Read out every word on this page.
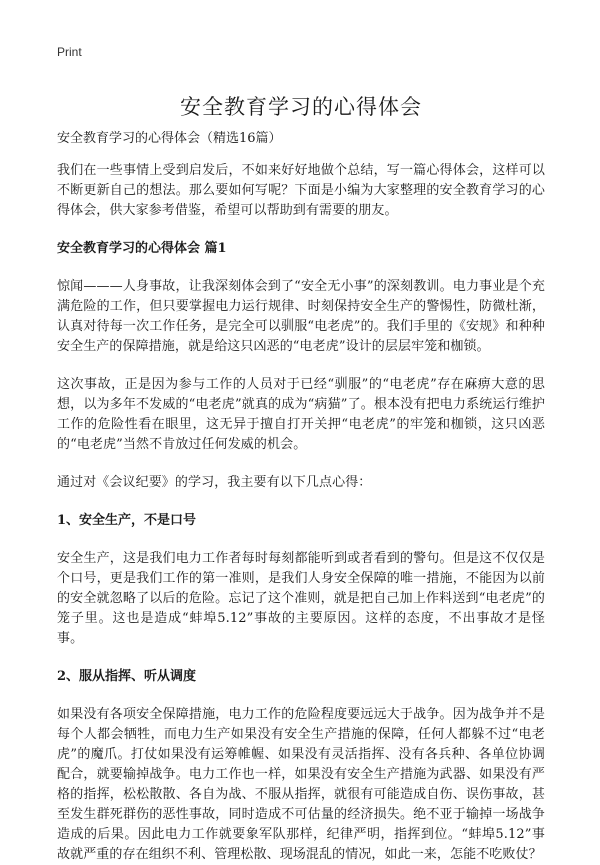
Print
安全教育学习的心得体会
安全教育学习的心得体会（精选16篇）

我们在一些事情上受到启发后，不如来好好地做个总结，写一篇心得体会，这样可以不断更新自己的想法。那么要如何写呢？下面是小编为大家整理的安全教育学习的心得体会，供大家参考借鉴，希望可以帮助到有需要的朋友。

安全教育学习的心得体会 篇1

惊闻———人身事故，让我深刻体会到了“安全无小事”的深刻教训。电力事业是个充满危险的工作，但只要掌握电力运行规律、时刻保持安全生产的警惕性，防微杜渐，认真对待每一次工作任务，是完全可以驯服“电老虎”的。我们手里的《安规》和种种安全生产的保障措施，就是给这只凶恶的“电老虎”设计的层层牢笼和枷锁。

这次事故，正是因为参与工作的人员对于已经“驯服”的“电老虎”存在麻痹大意的思想，以为多年不发威的“电老虎”就真的成为“病猫”了。根本没有把电力系统运行维护工作的危险性看在眼里，这无异于擅自打开关押“电老虎”的牢笼和枷锁，这只凶恶的“电老虎”当然不肯放过任何发威的机会。

通过对《会议纪要》的学习，我主要有以下几点心得：

1、安全生产，不是口号

安全生产，这是我们电力工作者每时每刻都能听到或者看到的警句。但是这不仅仅是个口号，更是我们工作的第一准则，是我们人身安全保障的唯一措施，不能因为以前的安全就忽略了以后的危险。忘记了这个准则，就是把自己加上作料送到“电老虎”的笼子里。这也是造成“蚌埠5.12”事故的主要原因。这样的态度，不出事故才是怪事。

2、服从指挥、听从调度

如果没有各项安全保障措施，电力工作的危险程度要远远大于战争。因为战争并不是每个人都会牺牲，而电力生产如果没有安全生产措施的保障，任何人都躲不过“电老虎”的魔爪。打仗如果没有运筹帷幄、如果没有灵活指挥、没有各兵种、各单位协调配合，就要输掉战争。电力工作也一样，如果没有安全生产措施为武器、如果没有严格的指挥，松松散散、各自为战、不服从指挥，就很有可能造成自伤、误伤事故，甚至发生群死群伤的恶性事故，同时造成不可估量的经济损失。绝不亚于输掉一场战争造成的后果。因此电力工作就要象军队那样，纪律严明，指挥到位。“蚌埠5.12”事故就严重的存在组织不利、管理松散、现场混乱的情况，如此一来，怎能不吃败仗？
